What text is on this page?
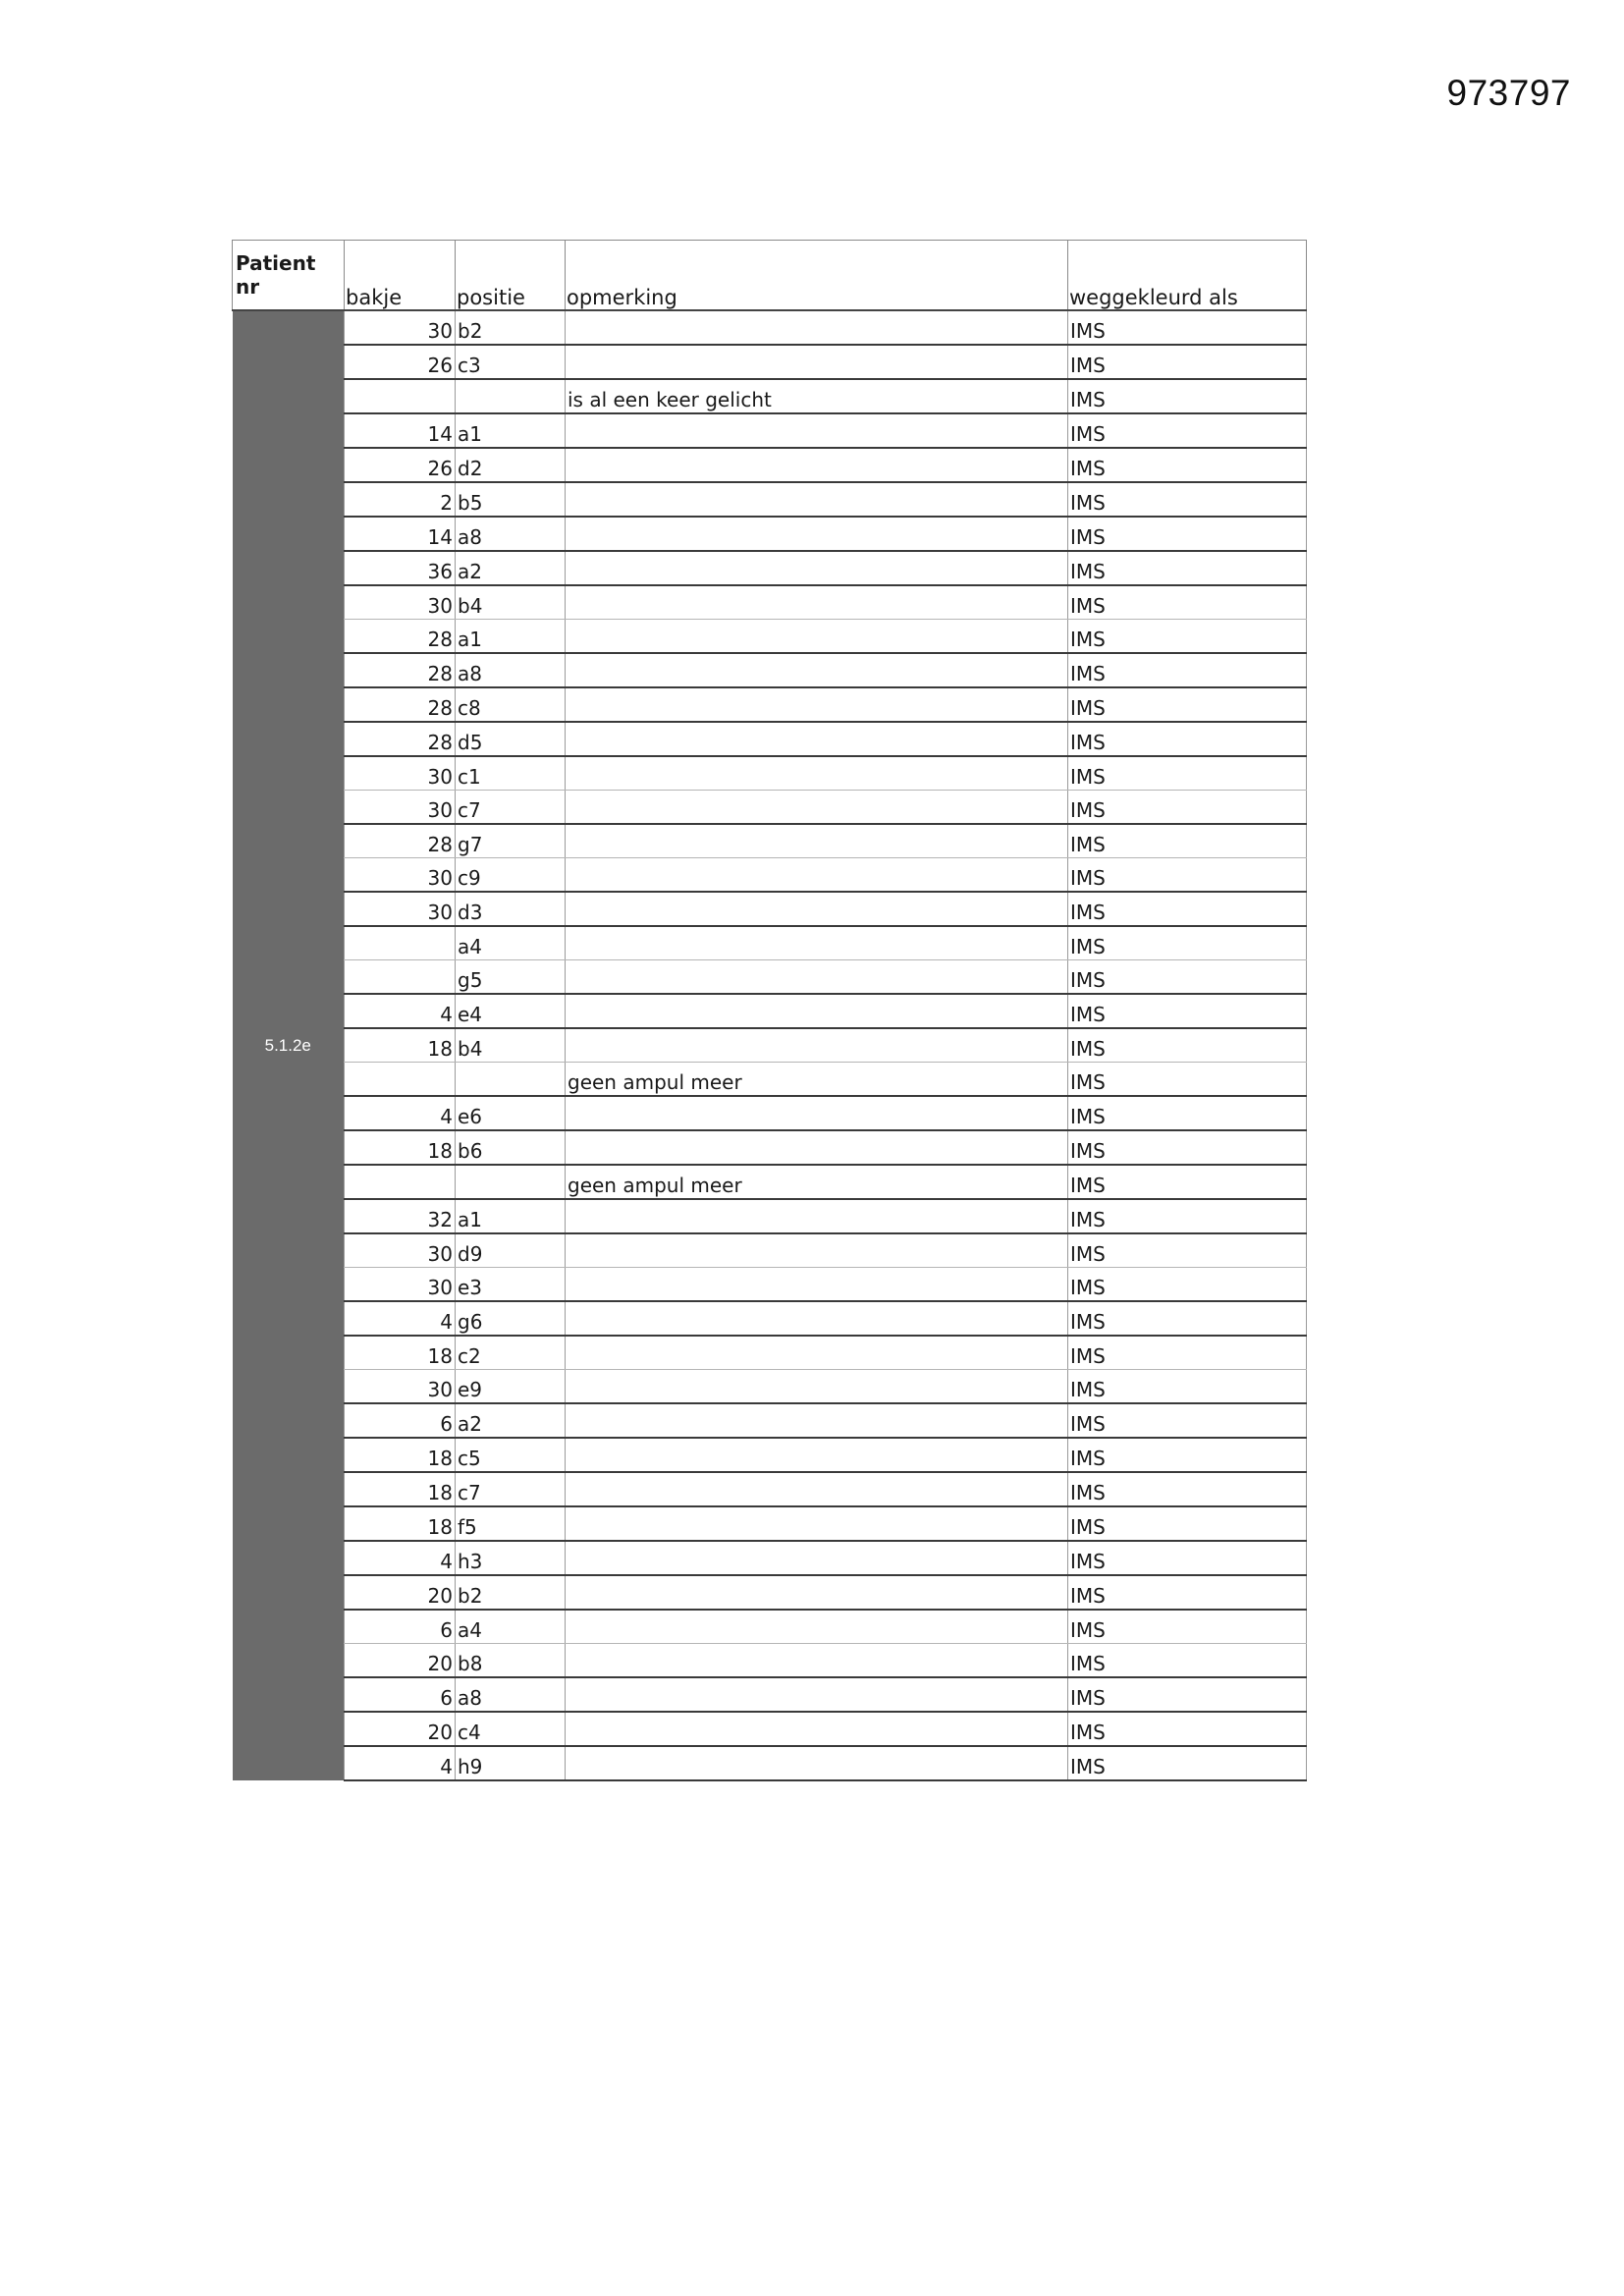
973797
Patient nr	bakje	positie	opmerking	weggekleurd als
5.1.2e	30	b2		IMS
	26	c3		IMS
			is al een keer gelicht	IMS
	14	a1		IMS
	26	d2		IMS
	2	b5		IMS
	14	a8		IMS
	36	a2		IMS
	30	b4		IMS
	28	a1		IMS
	28	a8		IMS
	28	c8		IMS
	28	d5		IMS
	30	c1		IMS
	30	c7		IMS
	28	g7		IMS
	30	c9		IMS
	30	d3		IMS
		a4		IMS
		g5		IMS
	4	e4		IMS
	18	b4		IMS
			geen ampul meer	IMS
	4	e6		IMS
	18	b6		IMS
			geen ampul meer	IMS
	32	a1		IMS
	30	d9		IMS
	30	e3		IMS
	4	g6		IMS
	18	c2		IMS
	30	e9		IMS
	6	a2		IMS
	18	c5		IMS
	18	c7		IMS
	18	f5		IMS
	4	h3		IMS
	20	b2		IMS
	6	a4		IMS
	20	b8		IMS
	6	a8		IMS
	20	c4		IMS
	4	h9		IMS
